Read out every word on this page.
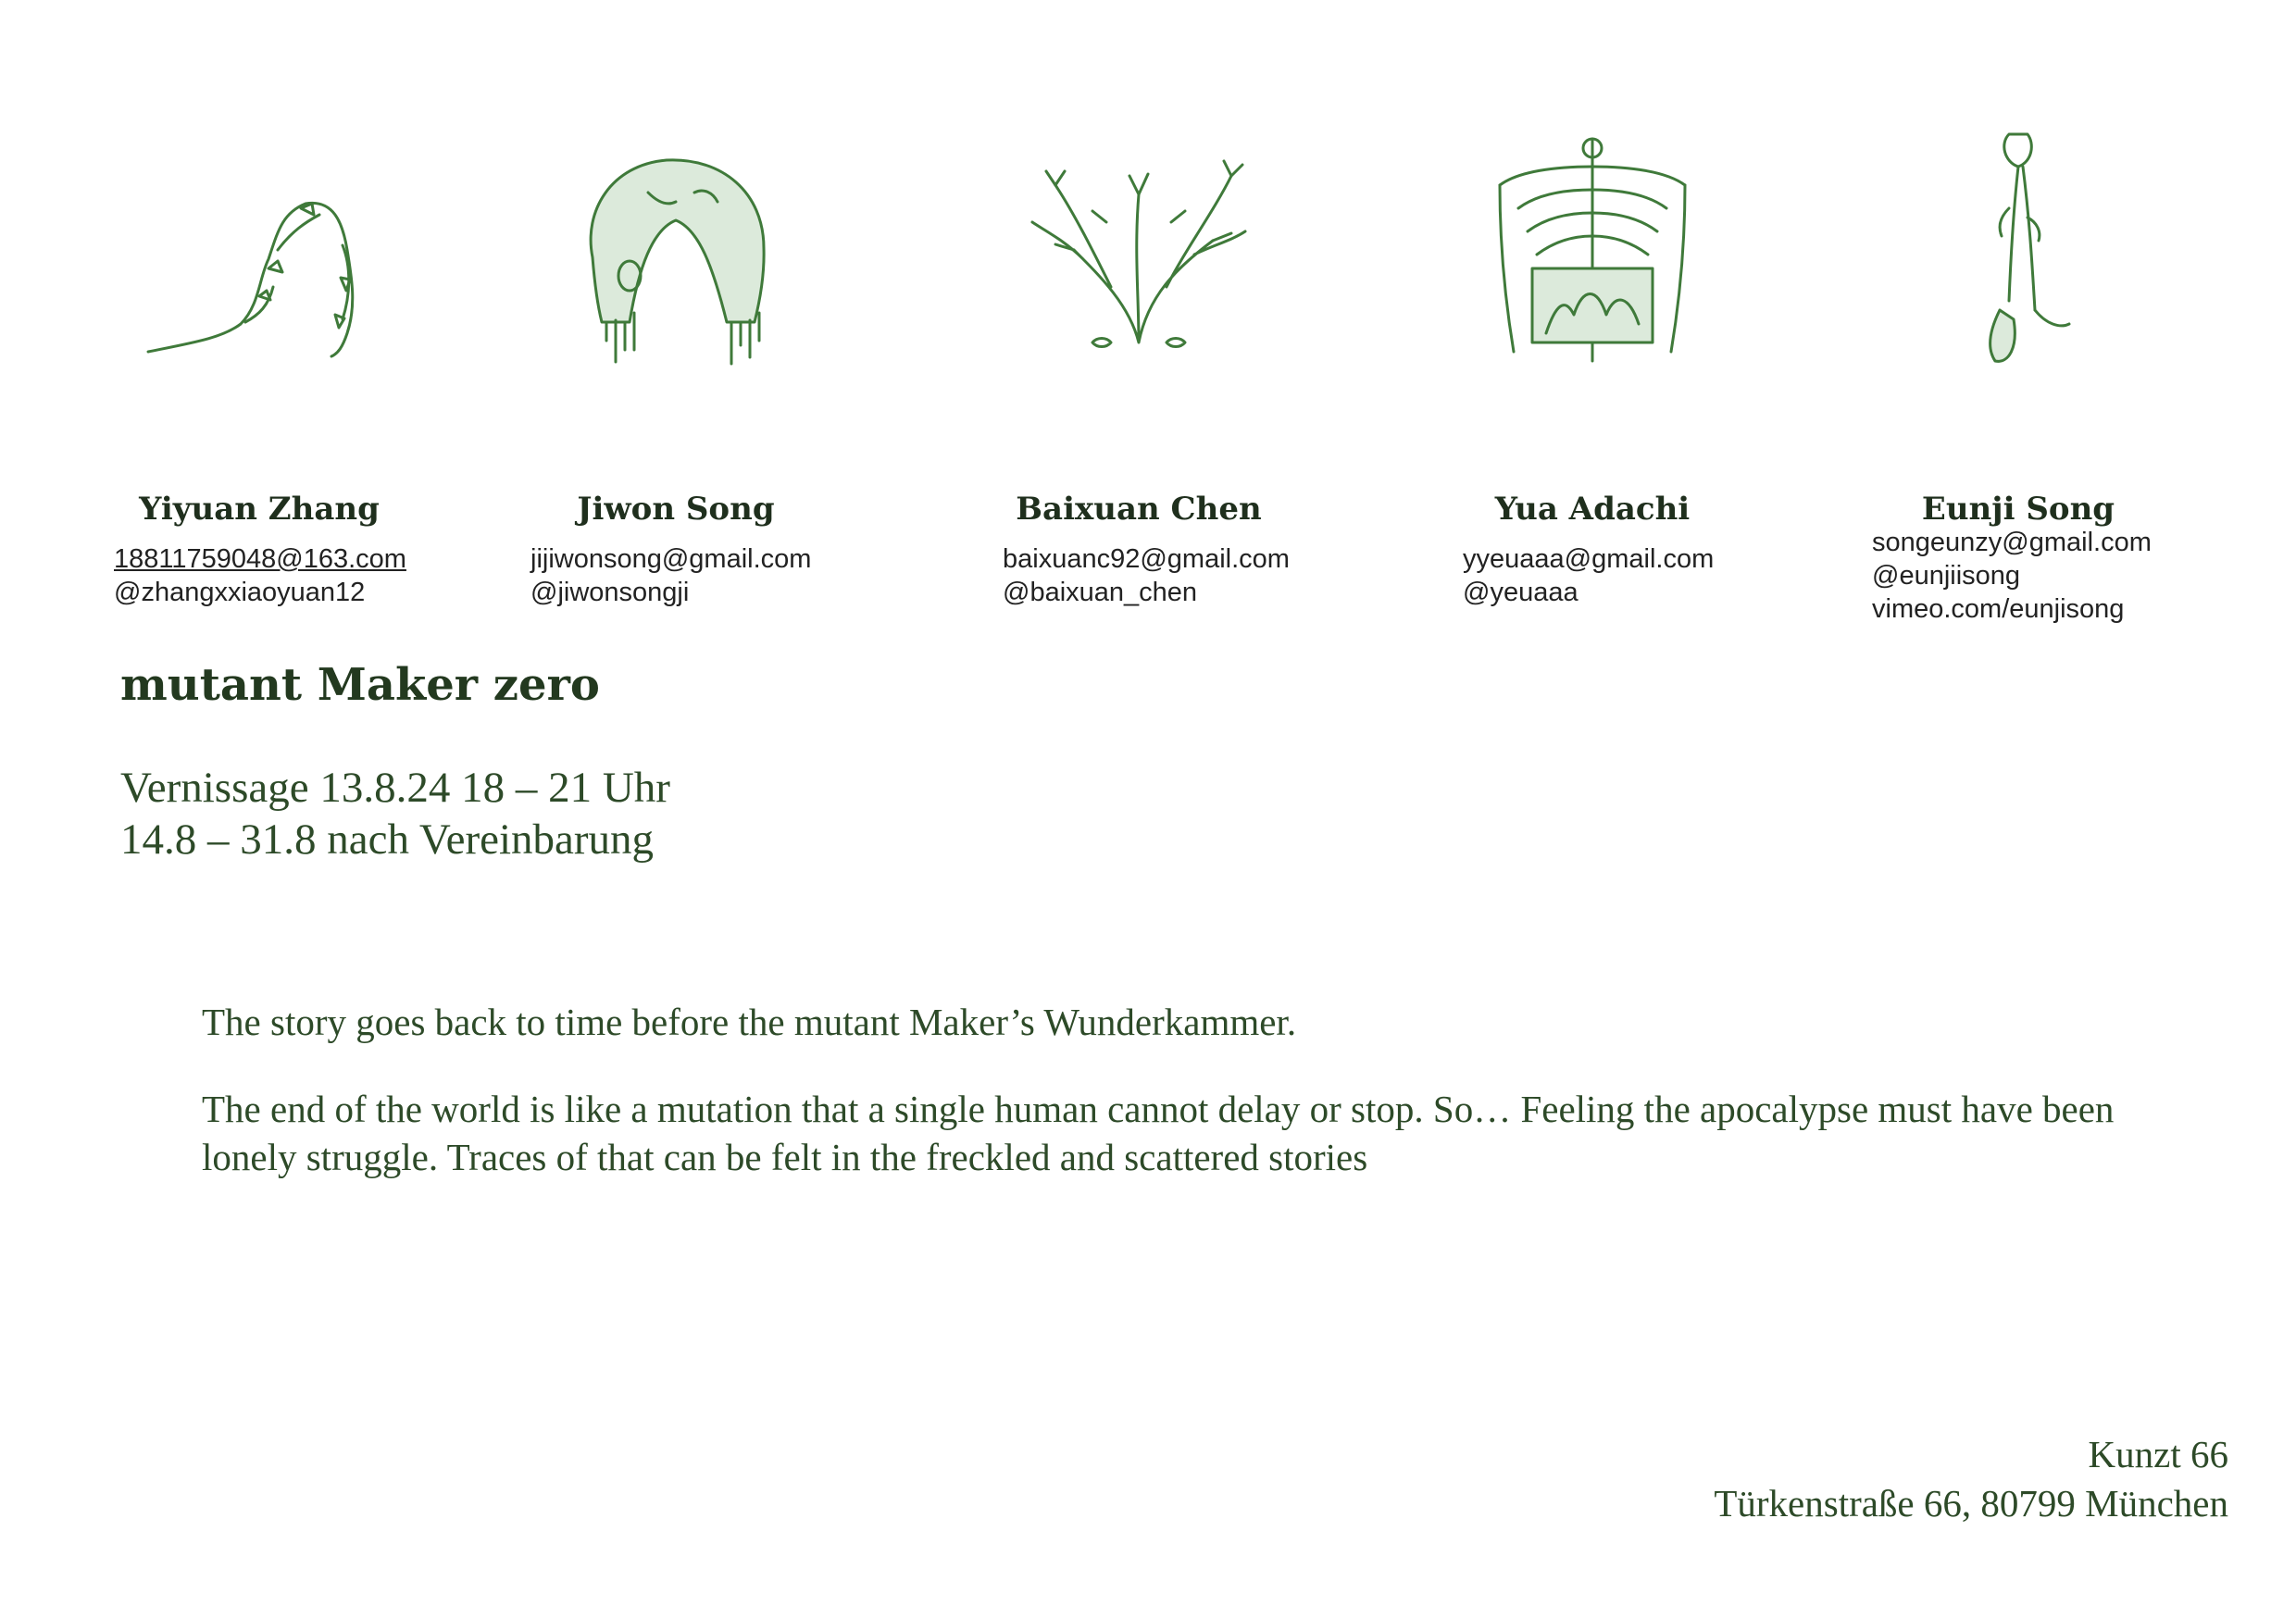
Yiyuan Zhang
18811759048@163.com
@zhangxxiaoyuan12
Jiwon Song
jijiwonsong@gmail.com
@jiwonsongji
Baixuan Chen
baixuanc92@gmail.com
@baixuan_chen
Yua Adachi
yyeuaaa@gmail.com
@yeuaaa
Eunji Song
songeunzy@gmail.com
@eunjiisong
vimeo.com/eunjisong
mutant Maker zero
Vernissage 13.8.24 18 – 21 Uhr
14.8 – 31.8 nach Vereinbarung

The story goes back to time before the mutant Maker’s Wunderkammer.

The end of the world is like a mutation that a single human cannot delay or stop. So… Feeling the apocalypse must have been lonely struggle. Traces of that can be felt in the freckled and scattered stories

Kunzt 66
Türkenstraße 66, 80799 München
